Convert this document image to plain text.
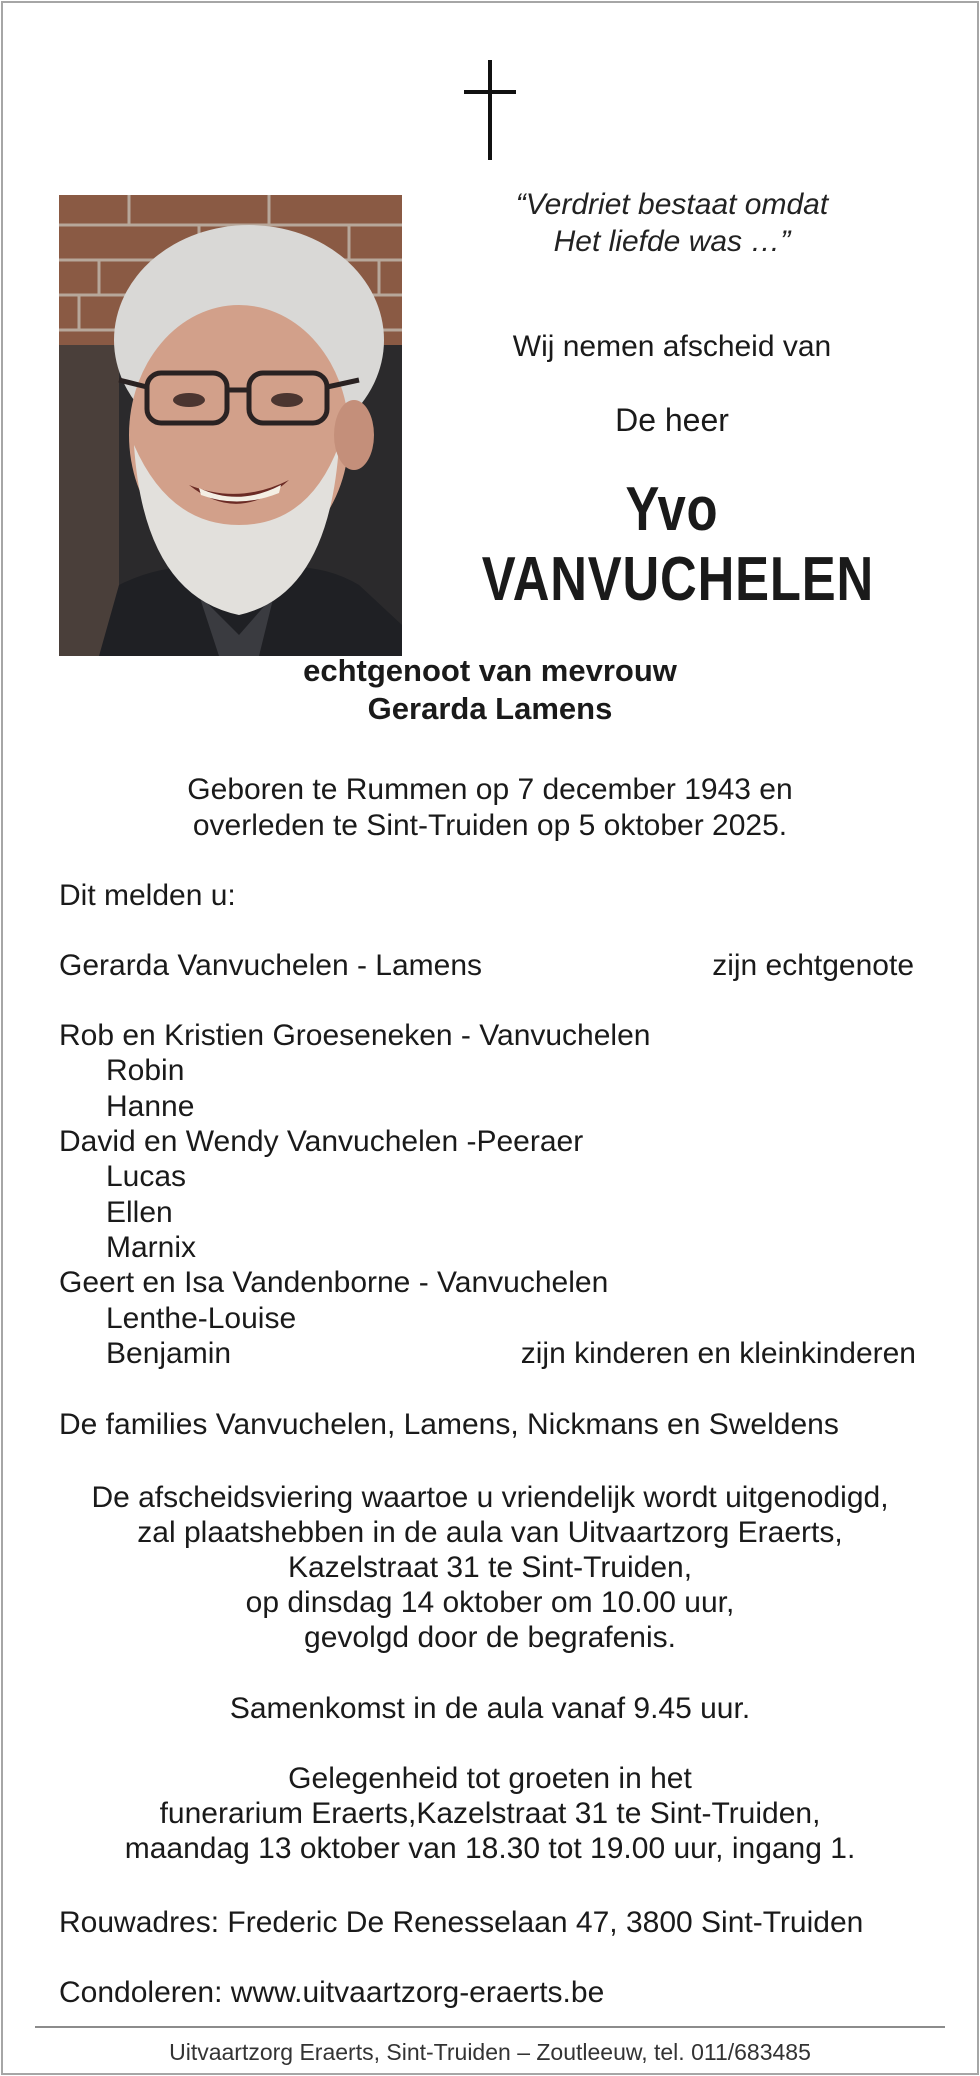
“Verdriet bestaat omdat
Het liefde was …”
Wij nemen afscheid van
De heer
Yvo
VANVUCHELEN
echtgenoot van mevrouw
Gerarda Lamens
Geboren te Rummen op 7 december 1943 en
overleden te Sint-Truiden op 5 oktober 2025.
Dit melden u:
Gerarda Vanvuchelen - Lamens	zijn echtgenote
Rob en Kristien Groeseneken - Vanvuchelen
Robin
Hanne
David en Wendy Vanvuchelen -Peeraer
Lucas
Ellen
Marnix
Geert en Isa Vandenborne - Vanvuchelen
Lenthe-Louise
Benjamin	zijn kinderen en kleinkinderen
De families Vanvuchelen, Lamens, Nickmans en Sweldens
De afscheidsviering waartoe u vriendelijk wordt uitgenodigd,
zal plaatshebben in de aula van Uitvaartzorg Eraerts,
Kazelstraat 31 te Sint-Truiden,
op dinsdag 14 oktober om 10.00 uur,
gevolgd door de begrafenis.
Samenkomst in de aula vanaf 9.45 uur.
Gelegenheid tot groeten in het
funerarium Eraerts,Kazelstraat 31 te Sint-Truiden,
maandag 13 oktober van 18.30 tot 19.00 uur, ingang 1.
Rouwadres: Frederic De Renesselaan 47, 3800 Sint-Truiden
Condoleren: www.uitvaartzorg-eraerts.be
Uitvaartzorg Eraerts, Sint-Truiden – Zoutleeuw, tel. 011/683485
